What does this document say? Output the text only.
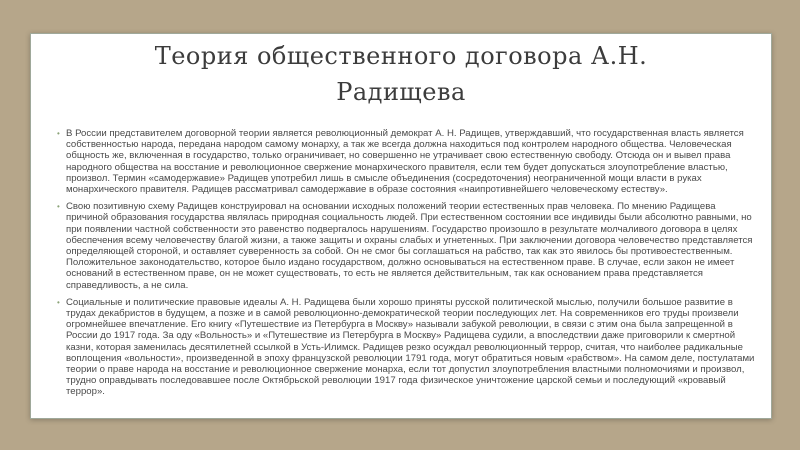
Теория общественного договора А.Н.
Радищева
• В России представителем договорной теории является революционный демократ А. Н. Радищев, утверждавший, что государственная власть является собственностью народа, передана народом самому монарху, а так же всегда должна находиться под контролем народного общества. Человеческая общность же, включенная в государство, только ограничивает, но совершенно не утрачивает свою естественную свободу. Отсюда он и вывел права народного общества на восстание и революционное свержение монархического правителя, если тем будет допускаться злоупотребление властью, произвол. Термин «самодержавие» Радищев употребил лишь в смысле объединения (сосредоточения) неограниченной мощи власти в руках монархического правителя. Радищев рассматривал самодержавие в образе состояния «наипротивнейшего человеческому естеству».
• Свою позитивную схему Радищев конструировал на основании исходных положений теории естественных прав человека. По мнению Радищева причиной образования государства являлась природная социальность людей. При естественном состоянии все индивиды были абсолютно равными, но при появлении частной собственности это равенство подвергалось нарушениям. Государство произошло в результате молчаливого договора в целях обеспечения всему человечеству благой жизни, а также защиты и охраны слабых и угнетенных. При заключении договора человечество представляется определяющей стороной, и оставляет суверенность за собой. Он не смог бы соглашаться на рабство, так как это явилось бы противоестественным. Положительное законодательство, которое было издано государством, должно основываться на естественном праве. В случае, если закон не имеет оснований в естественном праве, он не может существовать, то есть не является действительным, так как основанием права представляется справедливость, а не сила.
• Социальные и политические правовые идеалы А. Н. Радищева были хорошо приняты русской политической мыслью, получили большое развитие в трудах декабристов в будущем, а позже и в самой революционно-демократической теории последующих лет. На современников его труды произвели огромнейшее впечатление. Его книгу «Путешествие из Петербурга в Москву» называли забукой революции, в связи с этим она была запрещенной в России до 1917 года. За оду «Вольность» и «Путешествие из Петербурга в Москву» Радищева судили, а впоследствии даже приговорили к смертной казни, которая заменилась десятилетней ссылкой в Усть-Илимск. Радищев резко осуждал революционный террор, считая, что наиболее радикальные воплощения «вольности», произведенной в эпоху французской революции 1791 года, могут обратиться новым «рабством». На самом деле, постулатами теории о праве народа на восстание и революционное свержение монарха, если тот допустил злоупотребления властными полномочиями и произвол, трудно оправдывать последовавшее после Октябрьской революции 1917 года физическое уничтожение царской семьи и последующий «кровавый террор».
